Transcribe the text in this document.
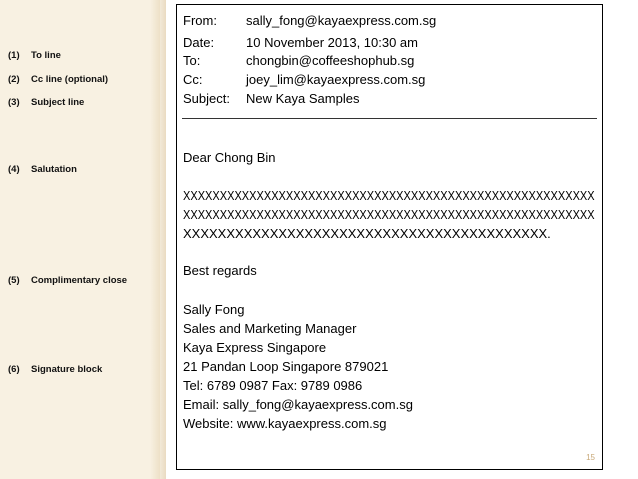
(1) To line
(2) Cc line (optional)
(3) Subject line
(4) Salutation
(5) Complimentary close
(6) Signature block
From: sally_fong@kayaexpress.com.sg
Date: 10 November 2013, 10:30 am
To:	chongbin@coffeeshophub.sg
Cc:	joey_lim@kayaexpress.com.sg
Subject: New Kaya Samples
Dear Chong Bin
XXXXXXXXXXXXXXXXXXXXXXXXXXXXXXXXXXXXXXXXXXXXXXXXXXXXXXXX
XXXXXXXXXXXXXXXXXXXXXXXXXXXXXXXXXXXXXXXXXXXXXXXXXXXXXXXX
XXXXXXXXXXXXXXXXXXXXXXXXXXXXXXXXXXXXXXXXXX.
Best regards
Sally Fong
Sales and Marketing Manager
Kaya Express Singapore
21 Pandan Loop Singapore 879021
Tel: 6789 0987 Fax: 9789 0986
Email: sally_fong@kayaexpress.com.sg
Website: www.kayaexpress.com.sg
15
